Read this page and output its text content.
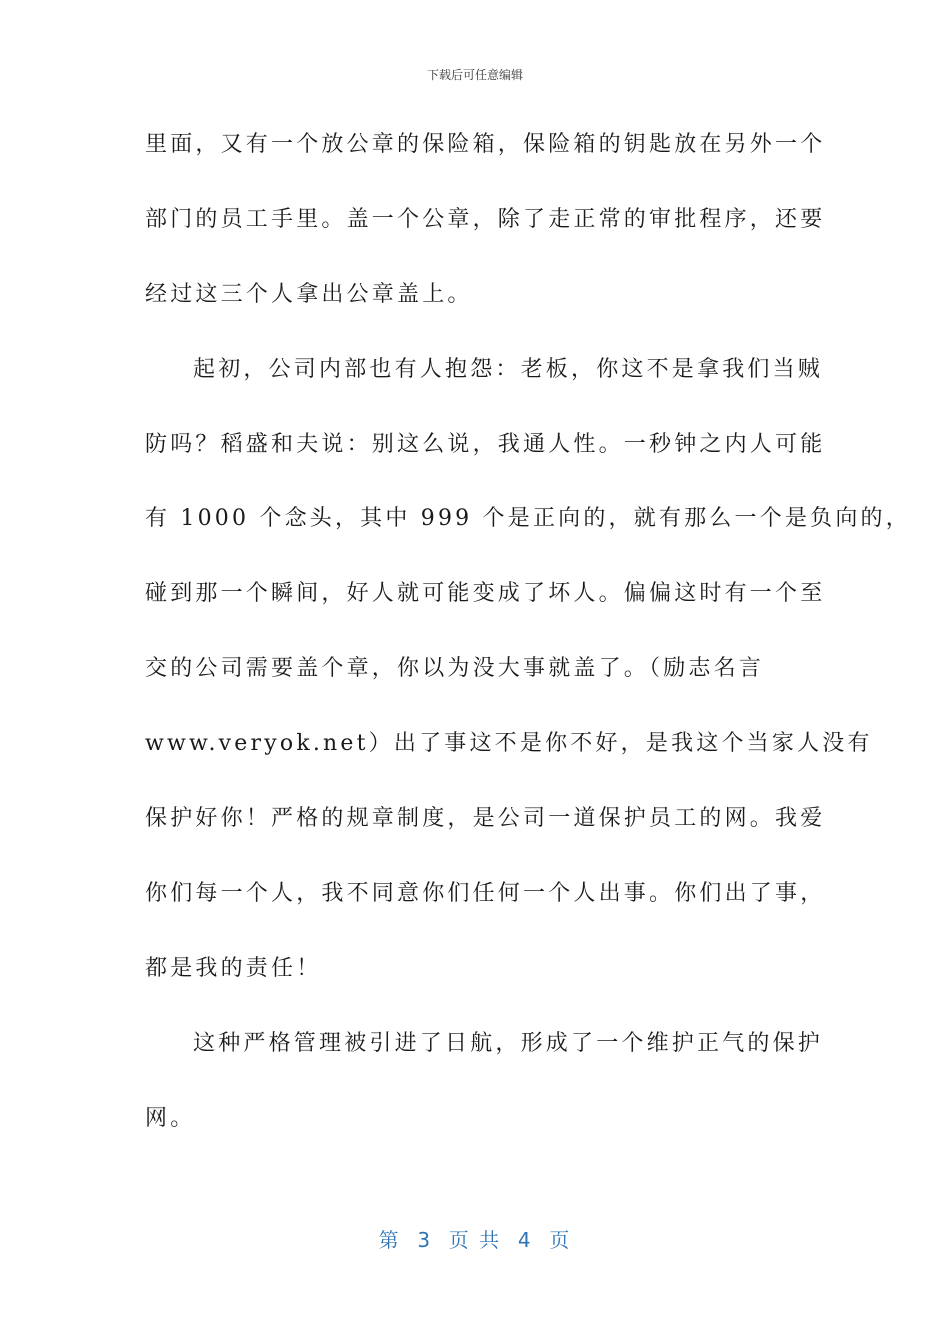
下载后可任意编辑
里面，又有一个放公章的保险箱，保险箱的钥匙放在另外一个
部门的员工手里。盖一个公章，除了走正常的审批程序，还要
经过这三个人拿出公章盖上。
起初，公司内部也有人抱怨：老板，你这不是拿我们当贼
防吗？稻盛和夫说：别这么说，我通人性。一秒钟之内人可能
有 1000 个念头，其中 999 个是正向的，就有那么一个是负向的，
碰到那一个瞬间，好人就可能变成了坏人。偏偏这时有一个至
交的公司需要盖个章，你以为没大事就盖了。（励志名言
www.veryok.net）出了事这不是你不好，是我这个当家人没有
保护好你！严格的规章制度，是公司一道保护员工的网。我爱
你们每一个人，我不同意你们任何一个人出事。你们出了事，
都是我的责任！
这种严格管理被引进了日航，形成了一个维护正气的保护
网。
第  3  页 共  4  页
